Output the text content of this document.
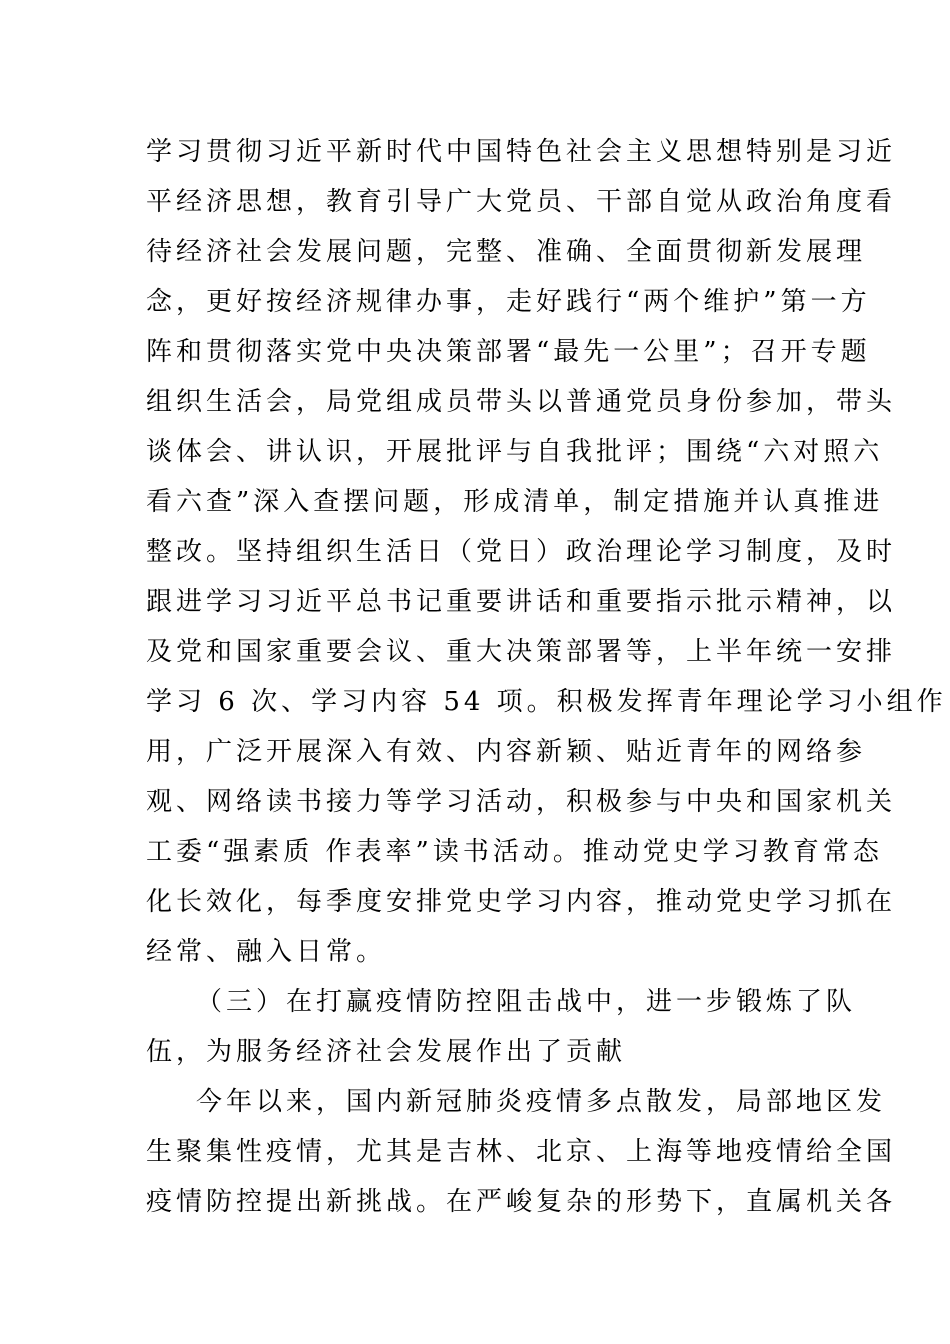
学习贯彻习近平新时代中国特色社会主义思想特别是习近
平经济思想，教育引导广大党员、干部自觉从政治角度看
待经济社会发展问题，完整、准确、全面贯彻新发展理
念，更好按经济规律办事，走好践行“两个维护”第一方
阵和贯彻落实党中央决策部署“最先一公里”；召开专题
组织生活会，局党组成员带头以普通党员身份参加，带头
谈体会、讲认识，开展批评与自我批评；围绕“六对照六
看六查”深入查摆问题，形成清单，制定措施并认真推进
整改。坚持组织生活日（党日）政治理论学习制度，及时
跟进学习习近平总书记重要讲话和重要指示批示精神，以
及党和国家重要会议、重大决策部署等，上半年统一安排
学习 6 次、学习内容 54 项。积极发挥青年理论学习小组作
用，广泛开展深入有效、内容新颖、贴近青年的网络参
观、网络读书接力等学习活动，积极参与中央和国家机关
工委“强素质 作表率”读书活动。推动党史学习教育常态
化长效化，每季度安排党史学习内容，推动党史学习抓在
经常、融入日常。
（三）在打赢疫情防控阻击战中，进一步锻炼了队
伍，为服务经济社会发展作出了贡献
今年以来，国内新冠肺炎疫情多点散发，局部地区发
生聚集性疫情，尤其是吉林、北京、上海等地疫情给全国
疫情防控提出新挑战。在严峻复杂的形势下，直属机关各
